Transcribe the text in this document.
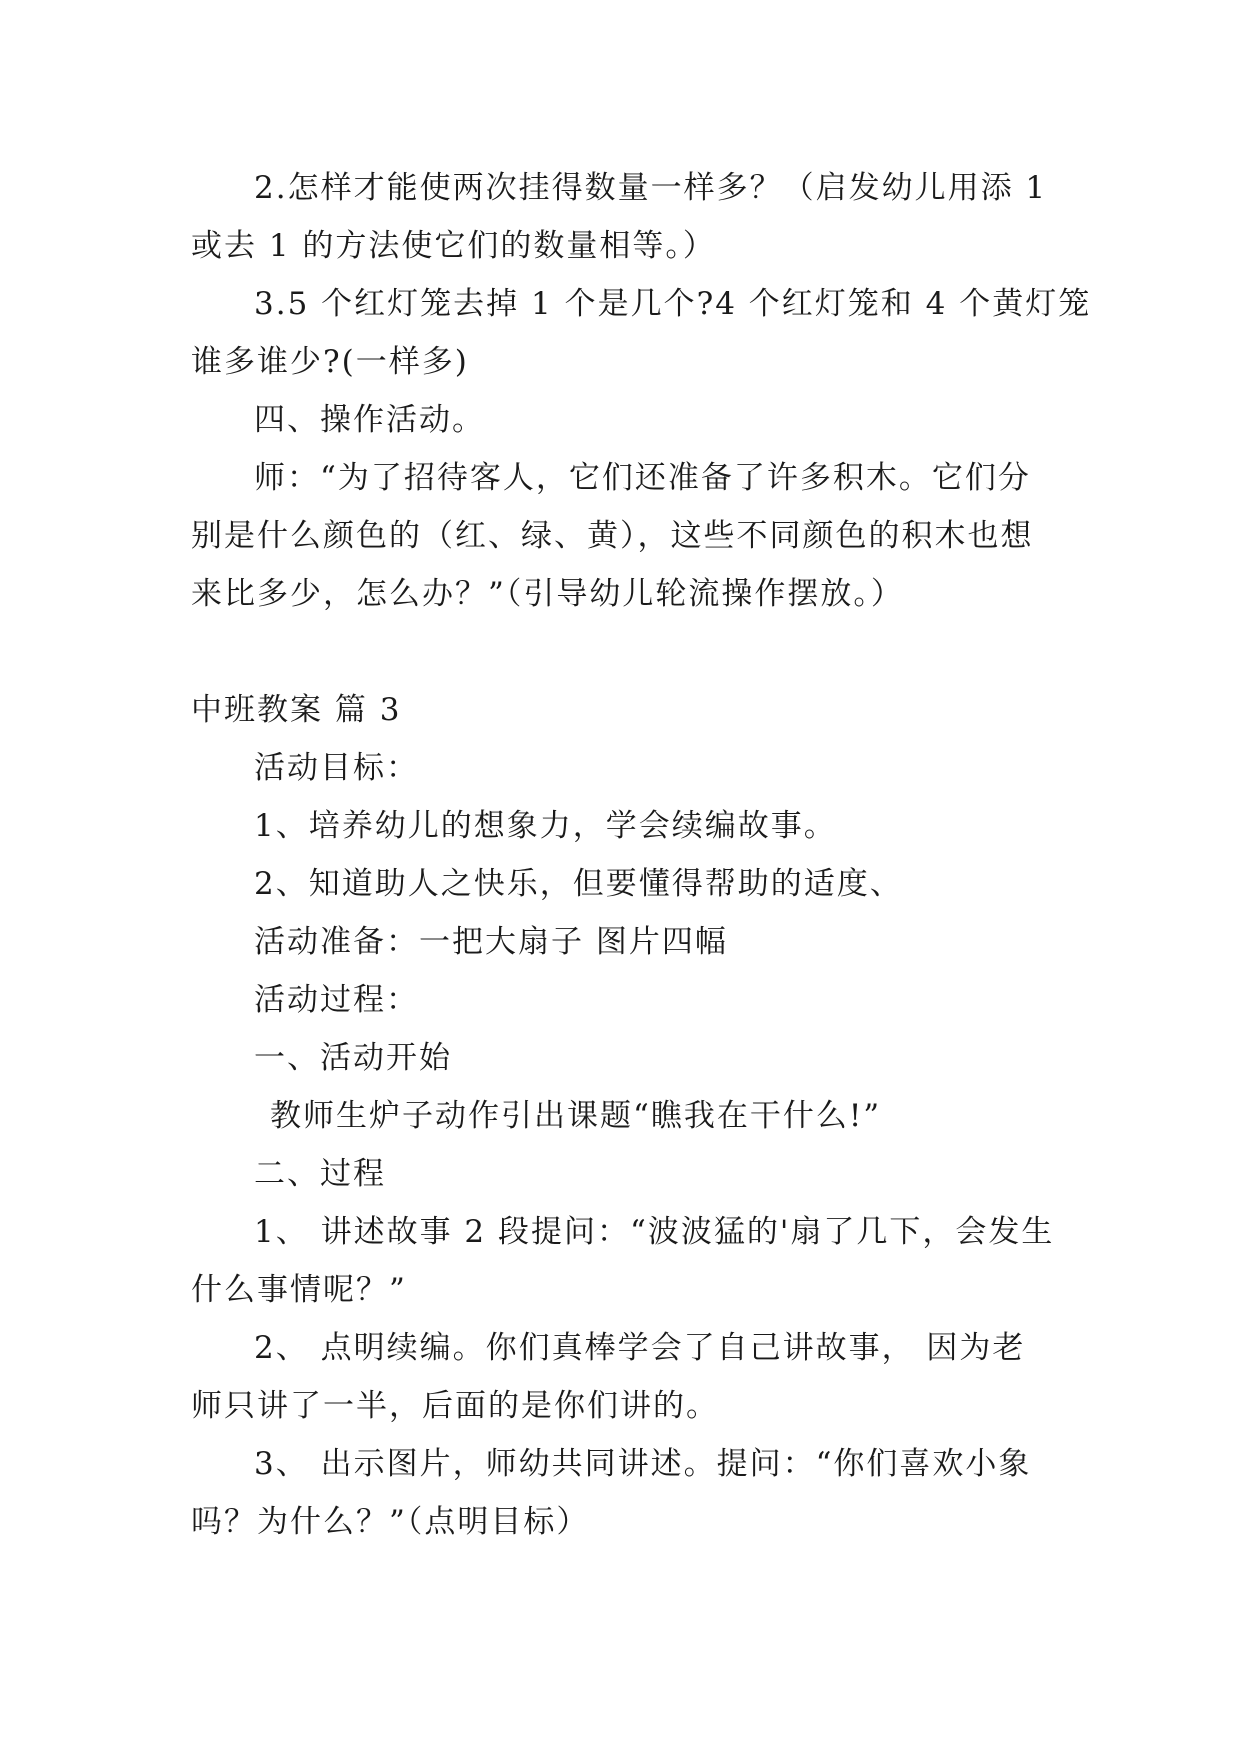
2.怎样才能使两次挂得数量一样多？（启发幼儿用添 1
或去 1 的方法使它们的数量相等。）
3.5 个红灯笼去掉 1 个是几个?4 个红灯笼和 4 个黄灯笼
谁多谁少?(一样多)
四、操作活动。
师：“为了招待客人，它们还准备了许多积木。它们分
别是什么颜色的（红、绿、黄），这些不同颜色的积木也想
来比多少，怎么办？”（引导幼儿轮流操作摆放。）
中班教案 篇 3
活动目标：
1、培养幼儿的想象力，学会续编故事。
2、知道助人之快乐，但要懂得帮助的适度、
活动准备：一把大扇子 图片四幅
活动过程：
一、活动开始
教师生炉子动作引出课题“瞧我在干什么!”
二、过程
1、 讲述故事 2 段提问：“波波猛的'扇了几下，会发生
什么事情呢？”
2、 点明续编。你们真棒学会了自己讲故事， 因为老
师只讲了一半，后面的是你们讲的。
3、 出示图片，师幼共同讲述。提问：“你们喜欢小象
吗？为什么？”（点明目标）
